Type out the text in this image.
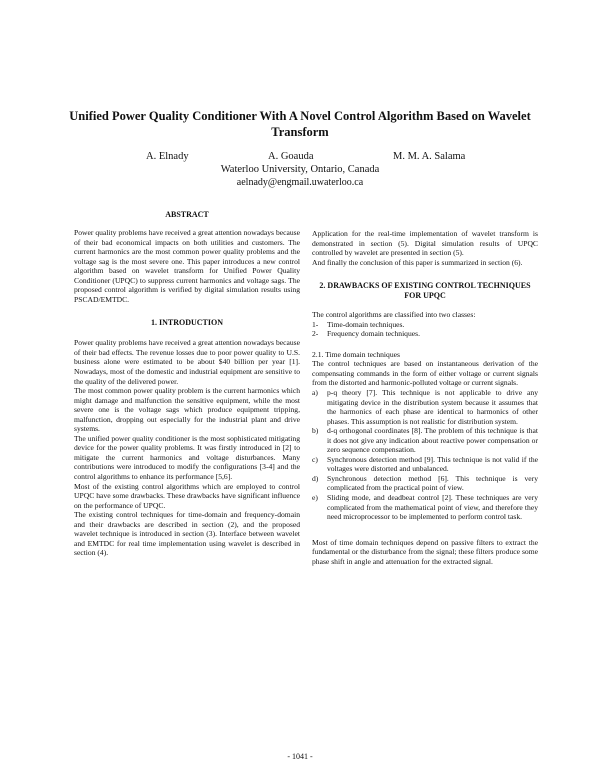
Unified Power Quality Conditioner With A Novel Control Algorithm Based on Wavelet Transform
A. Elnady	A. Goauda	M. M. A. Salama
Waterloo University, Ontario, Canada
aelnady@engmail.uwaterloo.ca

ABSTRACT

Power quality problems have received a great attention nowadays because of their bad economical impacts on both utilities and customers. The current harmonics are the most common power quality problems and the voltage sag is the most severe one. This paper introduces a new control algorithm based on wavelet transform for Unified Power Quality Conditioner (UPQC) to suppress current harmonics and voltage sags. The proposed control algorithm is verified by digital simulation results using PSCAD/EMTDC.

1. INTRODUCTION

Power quality problems have received a great attention nowadays because of their bad effects. The revenue losses due to poor power quality to U.S. business alone were estimated to be about $40 billion per year [1]. Nowadays, most of the domestic and industrial equipment are sensitive to the quality of the delivered power.

The most common power quality problem is the current harmonics which might damage and malfunction the sensitive equipment, while the most severe one is the voltage sags which produce equipment tripping, malfunction, dropping out especially for the industrial plant and drive systems.

The unified power quality conditioner is the most sophisticated mitigating device for the power quality problems. It was firstly introduced in [2] to mitigate the current harmonics and voltage disturbances. Many contributions were introduced to modify the configurations [3-4] and the control algorithms to enhance its performance [5,6].

Most of the existing control algorithms which are employed to control UPQC have some drawbacks. These drawbacks have significant influence on the performance of UPQC.

The existing control techniques for time-domain and frequency-domain and their drawbacks are described in section (2), and the proposed wavelet technique is introduced in section (3). Interface between wavelet and EMTDC for real time implementation using wavelet is described in section (4).

Application for the real-time implementation of wavelet transform is demonstrated in section (5). Digital simulation results of UPQC controlled by wavelet are presented in section (5).

And finally the conclusion of this paper is summarized in section (6).

2. DRAWBACKS OF EXISTING CONTROL TECHNIQUES FOR UPQC

The control algorithms are classified into two classes:

1-	Time-domain techniques.
2-	Frequency domain techniques.

2.1. Time domain techniques

The control techniques are based on instantaneous derivation of the compensating commands in the form of either voltage or current signals from the distorted and harmonic-polluted voltage or current signals.

a)	p-q theory [7]. This technique is not applicable to drive any mitigating device in the distribution system because it assumes that the harmonics of each phase are identical to harmonics of other phases. This assumption is not realistic for distribution system.
b)	d-q orthogonal coordinates [8]. The problem of this technique is that it does not give any indication about reactive power compensation or zero sequence compensation.
c)	Synchronous detection method [9]. This technique is not valid if the voltages were distorted and unbalanced.
d)	Synchronous detection method [6]. This technique is very complicated from the practical point of view.
e)	Sliding mode, and deadbeat control [2]. These techniques are very complicated from the mathematical point of view, and therefore they need microprocessor to be implemented to perform control task.

Most of time domain techniques depend on passive filters to extract the fundamental or the disturbance from the signal; these filters produce some phase shift in angle and attenuation for the extracted signal.

- 1041 -
